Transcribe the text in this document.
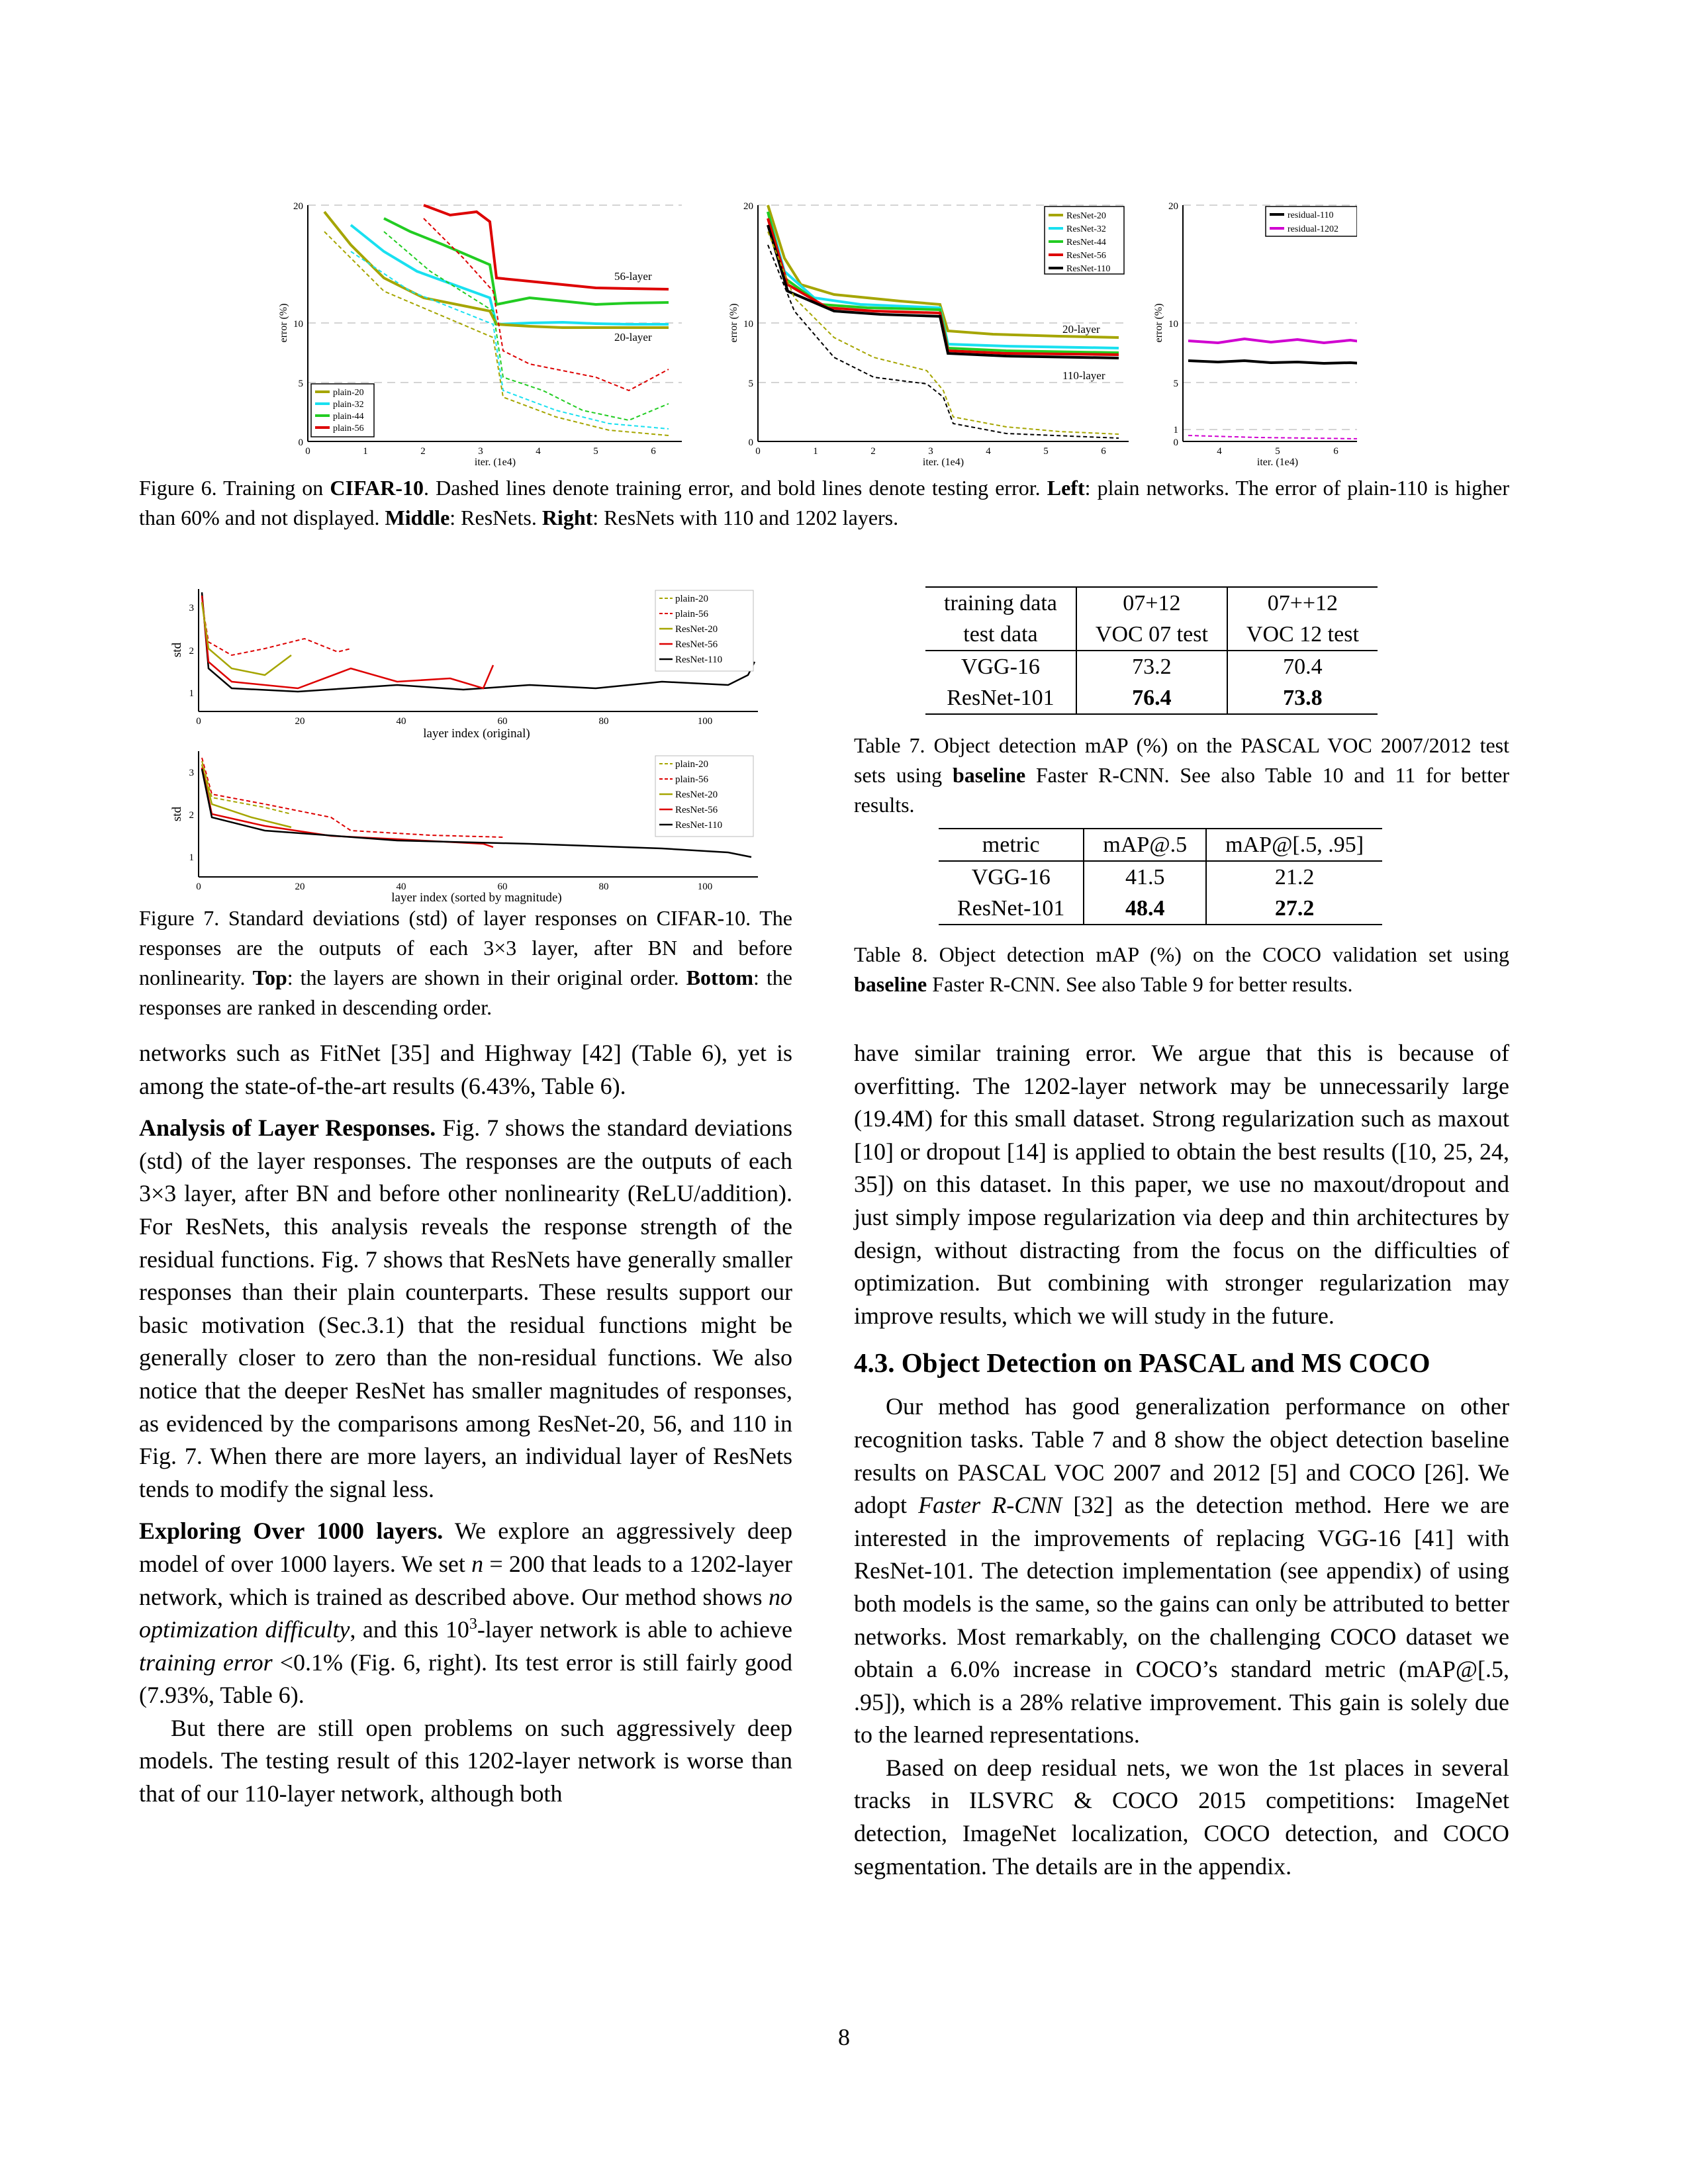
20
10
5
0
0	1	2	3	4	5	6
iter. (1e4)
error (%)
56-layer
20-layer
plain-20
plain-32
plain-44
plain-56
20
10
5
0
0	1	2	3	4	5	6
iter. (1e4)
error (%)	20-layer
110-layer
ResNet-20
ResNet-32
ResNet-44
ResNet-56
ResNet-110
20
10
5
1
0
4	5	6
iter. (1e4)
error (%)
residual-110
residual-1202
Figure 6. Training on CIFAR-10. Dashed lines denote training error, and bold lines denote testing error. Left: plain networks. The error of plain-110 is higher than 60% and not displayed. Middle: ResNets. Right: ResNets with 110 and 1202 layers.
3
2
1
0	20	40	60	80	100
layer index (original)
std
plain-20
plain-56
ResNet-20
ResNet-56
ResNet-110
3
2
1
0	20	40	60	80	100
layer index (sorted by magnitude)
std
plain-20
plain-56
ResNet-20
ResNet-56
ResNet-110
Figure 7. Standard deviations (std) of layer responses on CIFAR-10. The responses are the outputs of each 3×3 layer, after BN and before nonlinearity. Top: the layers are shown in their original order. Bottom: the responses are ranked in descending order.
training data	07+12	07++12
test data	VOC 07 test	VOC 12 test
VGG-16	73.2	70.4
ResNet-101	76.4	73.8
Table 7. Object detection mAP (%) on the PASCAL VOC 2007/2012 test sets using baseline Faster R-CNN. See also Table 10 and 11 for better results.
metric	mAP@.5	mAP@[.5, .95]
VGG-16	41.5	21.2
ResNet-101	48.4	27.2
Table 8. Object detection mAP (%) on the COCO validation set using baseline Faster R-CNN. See also Table 9 for better results.

networks such as FitNet [35] and Highway [42] (Table 6), yet is among the state-of-the-art results (6.43%, Table 6).

Analysis of Layer Responses. Fig. 7 shows the standard deviations (std) of the layer responses. The responses are the outputs of each 3×3 layer, after BN and before other nonlinearity (ReLU/addition). For ResNets, this analysis reveals the response strength of the residual functions. Fig. 7 shows that ResNets have generally smaller responses than their plain counterparts. These results support our basic motivation (Sec.3.1) that the residual functions might be generally closer to zero than the non-residual functions. We also notice that the deeper ResNet has smaller magnitudes of responses, as evidenced by the comparisons among ResNet-20, 56, and 110 in Fig. 7. When there are more layers, an individual layer of ResNets tends to modify the signal less.

Exploring Over 1000 layers. We explore an aggressively deep model of over 1000 layers. We set n = 200 that leads to a 1202-layer network, which is trained as described above. Our method shows no optimization difficulty, and this $10^3$-layer network is able to achieve training error <0.1% (Fig. 6, right). Its test error is still fairly good (7.93%, Table 6).

But there are still open problems on such aggressively deep models. The testing result of this 1202-layer network is worse than that of our 110-layer network, although both

have similar training error. We argue that this is because of overfitting. The 1202-layer network may be unnecessarily large (19.4M) for this small dataset. Strong regularization such as maxout [10] or dropout [14] is applied to obtain the best results ([10, 25, 24, 35]) on this dataset. In this paper, we use no maxout/dropout and just simply impose regularization via deep and thin architectures by design, without distracting from the focus on the difficulties of optimization. But combining with stronger regularization may improve results, which we will study in the future.

4.3. Object Detection on PASCAL and MS COCO

Our method has good generalization performance on other recognition tasks. Table 7 and 8 show the object detection baseline results on PASCAL VOC 2007 and 2012 [5] and COCO [26]. We adopt Faster R-CNN [32] as the detection method. Here we are interested in the improvements of replacing VGG-16 [41] with ResNet-101. The detection implementation (see appendix) of using both models is the same, so the gains can only be attributed to better networks. Most remarkably, on the challenging COCO dataset we obtain a 6.0% increase in COCO’s standard metric (mAP@[.5, .95]), which is a 28% relative improvement. This gain is solely due to the learned representations.

Based on deep residual nets, we won the 1st places in several tracks in ILSVRC & COCO 2015 competitions: ImageNet detection, ImageNet localization, COCO detection, and COCO segmentation. The details are in the appendix.

8
